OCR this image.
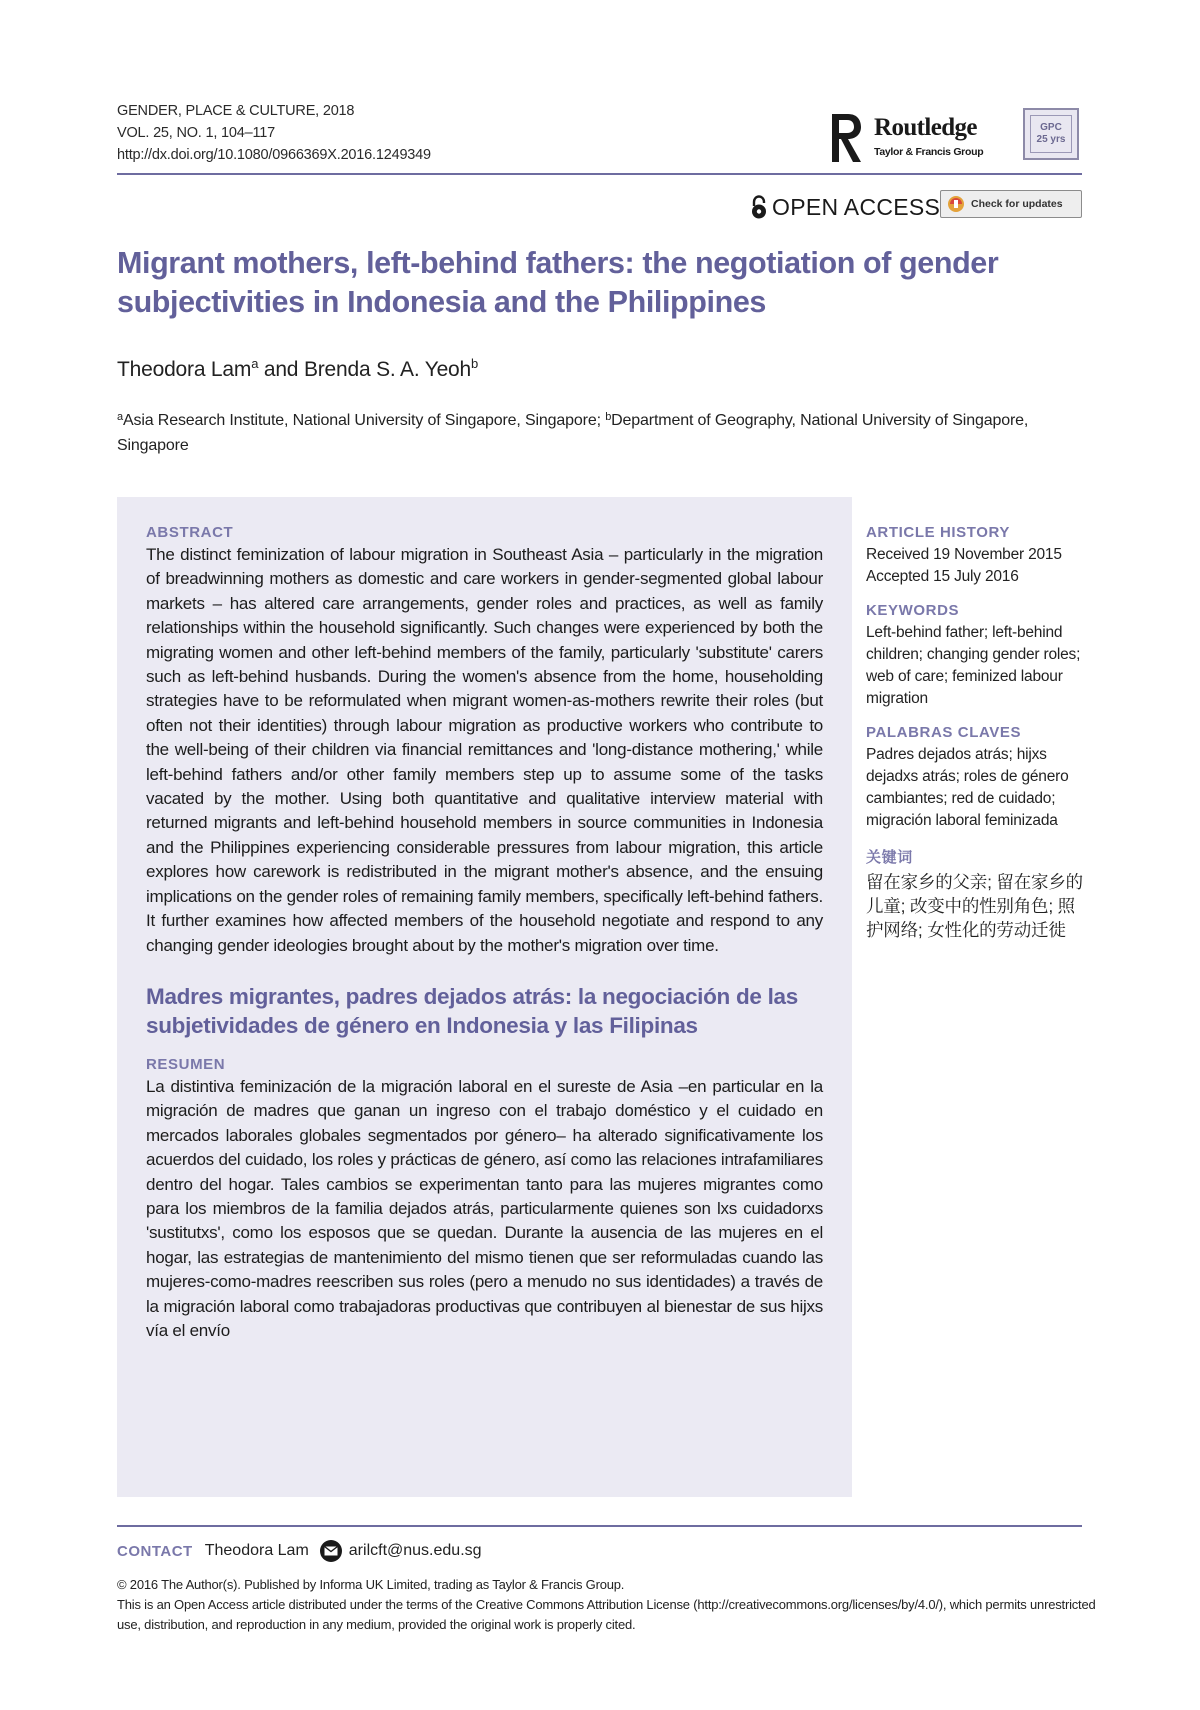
GENDER, PLACE & CULTURE, 2018
VOL. 25, NO. 1, 104–117
http://dx.doi.org/10.1080/0966369X.2016.1249349
Routledge
Taylor & Francis Group
GPC
25 yrs
OPEN ACCESS	Check for updates
Migrant mothers, left-behind fathers: the negotiation of gender subjectivities in Indonesia and the Philippines
Theodora Lam$^a$ and Brenda S. A. Yeoh$^b$
$^a$Asia Research Institute, National University of Singapore, Singapore; $^b$Department of Geography, National University of Singapore, Singapore
ABSTRACT

The distinct feminization of labour migration in Southeast Asia – particularly in the migration of breadwinning mothers as domestic and care workers in gender-segmented global labour markets – has altered care arrangements, gender roles and practices, as well as family relationships within the household significantly. Such changes were experienced by both the migrating women and other left-behind members of the family, particularly 'substitute' carers such as left-behind husbands. During the women's absence from the home, householding strategies have to be reformulated when migrant women-as-mothers rewrite their roles (but often not their identities) through labour migration as productive workers who contribute to the well-being of their children via financial remittances and 'long-distance mothering,' while left-behind fathers and/or other family members step up to assume some of the tasks vacated by the mother. Using both quantitative and qualitative interview material with returned migrants and left-behind household members in source communities in Indonesia and the Philippines experiencing considerable pressures from labour migration, this article explores how carework is redistributed in the migrant mother's absence, and the ensuing implications on the gender roles of remaining family members, specifically left-behind fathers. It further examines how affected members of the household negotiate and respond to any changing gender ideologies brought about by the mother's migration over time.

Madres migrantes, padres dejados atrás: la negociación de las subjetividades de género en Indonesia y las Filipinas
RESUMEN

La distintiva feminización de la migración laboral en el sureste de Asia –en particular en la migración de madres que ganan un ingreso con el trabajo doméstico y el cuidado en mercados laborales globales segmentados por género– ha alterado significativamente los acuerdos del cuidado, los roles y prácticas de género, así como las relaciones intrafamiliares dentro del hogar. Tales cambios se experimentan tanto para las mujeres migrantes como para los miembros de la familia dejados atrás, particularmente quienes son lxs cuidadorxs 'sustitutxs', como los esposos que se quedan. Durante la ausencia de las mujeres en el hogar, las estrategias de mantenimiento del mismo tienen que ser reformuladas cuando las mujeres-como-madres reescriben sus roles (pero a menudo no sus identidades) a través de la migración laboral como trabajadoras productivas que contribuyen al bienestar de sus hijxs vía el envío

ARTICLE HISTORY
Received 19 November 2015
Accepted 15 July 2016
KEYWORDS
Left-behind father; left-behind children; changing gender roles; web of care; feminized labour migration
PALABRAS CLAVES
Padres dejados atrás; hijxs dejadxs atrás; roles de género cambiantes; red de cuidado; migración laboral feminizada
关键词
留在家乡的父亲; 留在家乡的儿童; 改变中的性别角色; 照护网络; 女性化的劳动迁徙
CONTACT Theodora Lam	arilcft@nus.edu.sg
© 2016 The Author(s). Published by Informa UK Limited, trading as Taylor & Francis Group.
This is an Open Access article distributed under the terms of the Creative Commons Attribution License (http://creativecommons.org/licenses/by/4.0/), which permits unrestricted use, distribution, and reproduction in any medium, provided the original work is properly cited.
